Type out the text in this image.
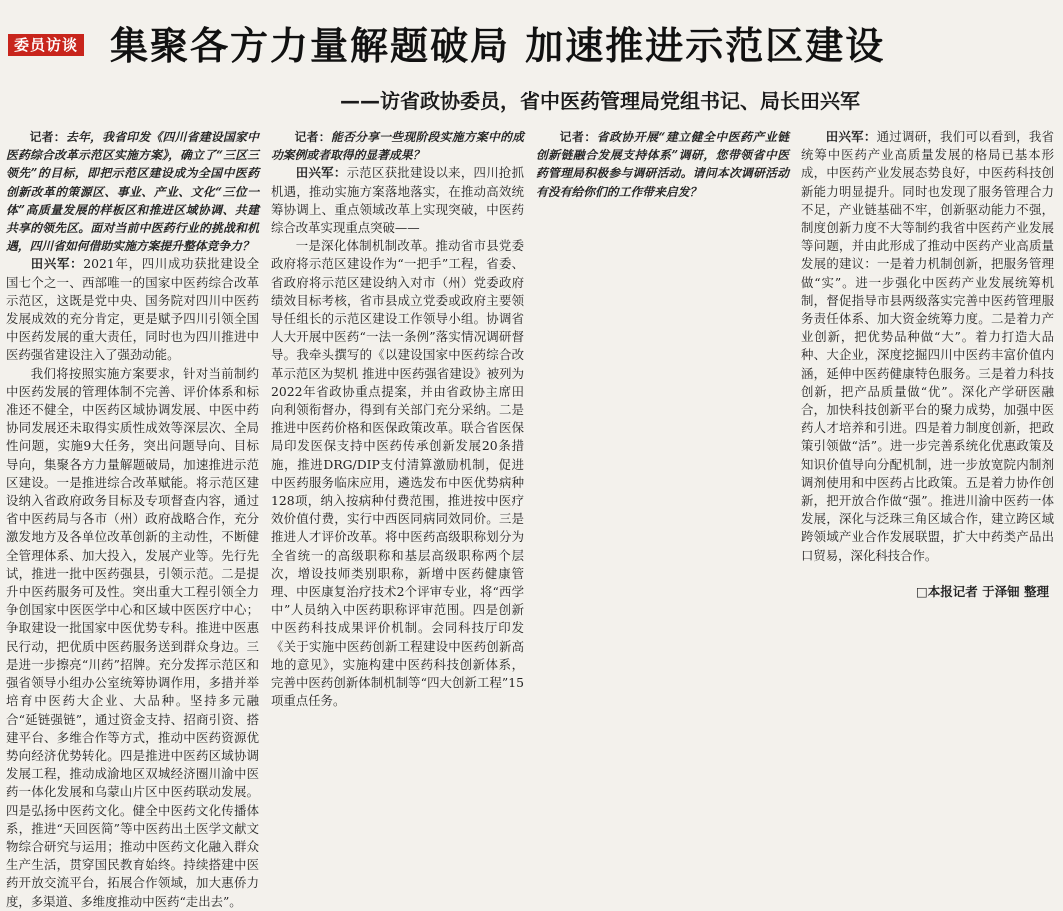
委员访谈 集聚各方力量解题破局 加速推进示范区建设
——访省政协委员，省中医药管理局党组书记、局长田兴军

记者：去年，我省印发《四川省建设国家中医药综合改革示范区实施方案》，确立了“三区三领先”的目标，即把示范区建设成为全国中医药创新改革的策源区、事业、产业、文化“三位一体”高质量发展的样板区和推进区域协调、共建共享的领先区。面对当前中医药行业的挑战和机遇，四川省如何借助实施方案提升整体竞争力？

田兴军：2021年，四川成功获批建设全国七个之一、西部唯一的国家中医药综合改革示范区，这既是党中央、国务院对四川中医药发展成效的充分肯定，更是赋予四川引领全国中医药发展的重大责任，同时也为四川推进中医药强省建设注入了强劲动能。

我们将按照实施方案要求，针对当前制约中医药发展的管理体制不完善、评价体系和标准还不健全，中医药区域协调发展、中医中药协同发展还未取得实质性成效等深层次、全局性问题，实施9大任务，突出问题导向、目标导向，集聚各方力量解题破局，加速推进示范区建设。一是推进综合改革赋能。将示范区建设纳入省政府政务目标及专项督查内容，通过省中医药局与各市（州）政府战略合作，充分激发地方及各单位改革创新的主动性，不断健全管理体系、加大投入，发展产业等。先行先试，推进一批中医药强县，引领示范。二是提升中医药服务可及性。突出重大工程引领全力争创国家中医医学中心和区域中医医疗中心；争取建设一批国家中医优势专科。推进中医惠民行动，把优质中医药服务送到群众身边。三是进一步擦亮“川药”招牌。充分发挥示范区和强省领导小组办公室统筹协调作用，多措并举培育中医药大企业、大品种。坚持多元融合“延链强链”，通过资金支持、招商引资、搭建平台、多维合作等方式，推动中医药资源优势向经济优势转化。四是推进中医药区域协调发展工程，推动成渝地区双城经济圈川渝中医药一体化发展和乌蒙山片区中医药联动发展。四是弘扬中医药文化。健全中医药文化传播体系，推进“天回医简”等中医药出土医学文献文物综合研究与运用；推动中医药文化融入群众生产生活，贯穿国民教育始终。持续搭建中医药开放交流平台，拓展合作领域，加大惠侨力度，多渠道、多维度推动中医药“走出去”。

记者：能否分享一些现阶段实施方案中的成功案例或者取得的显著成果？

田兴军：示范区获批建设以来，四川抢抓机遇，推动实施方案落地落实，在推动高效统筹协调上、重点领域改革上实现突破，中医药综合改革实现重点突破——

一是深化体制机制改革。推动省市县党委政府将示范区建设作为“一把手”工程，省委、省政府将示范区建设纳入对市（州）党委政府绩效目标考核，省市县成立党委或政府主要领导任组长的示范区建设工作领导小组。协调省人大开展中医药“一法一条例”落实情况调研督导。我牵头撰写的《以建设国家中医药综合改革示范区为契机 推进中医药强省建设》被列为2022年省政协重点提案，并由省政协主席田向利领衔督办，得到有关部门充分采纳。二是推进中医药价格和医保政策改革。联合省医保局印发医保支持中医药传承创新发展20条措施，推进DRG/DIP支付清算激励机制，促进中医药服务临床应用，遴选发布中医优势病种128项，纳入按病种付费范围，推进按中医疗效价值付费，实行中西医同病同效同价。三是推进人才评价改革。将中医药高级职称划分为全省统一的高级职称和基层高级职称两个层次，增设技师类别职称，新增中医药健康管理、中医康复治疗技术2个评审专业，将“西学中”人员纳入中医药职称评审范围。四是创新中医药科技成果评价机制。会同科技厅印发《关于实施中医药创新工程建设中医药创新高地的意见》，实施构建中医药科技创新体系，完善中医药创新体制机制等“四大创新工程”15项重点任务。

记者：省政协开展“建立健全中医药产业链创新链融合发展支持体系”调研，您带领省中医药管理局积极参与调研活动。请问本次调研活动有没有给你们的工作带来启发？

田兴军：通过调研，我们可以看到，我省统筹中医药产业高质量发展的格局已基本形成，中医药产业发展态势良好，中医药科技创新能力明显提升。同时也发现了服务管理合力不足，产业链基础不牢，创新驱动能力不强，制度创新力度不大等制约我省中医药产业发展等问题，并由此形成了推动中医药产业高质量发展的建议：一是着力机制创新，把服务管理做“实”。进一步强化中医药产业发展统筹机制，督促指导市县两级落实完善中医药管理服务责任体系、加大资金统筹力度。二是着力产业创新，把优势品种做“大”。着力打造大品种、大企业，深度挖掘四川中医药丰富价值内涵，延伸中医药健康特色服务。三是着力科技创新，把产品质量做“优”。深化产学研医融合，加快科技创新平台的聚力成势，加强中医药人才培养和引进。四是着力制度创新，把政策引领做“活”。进一步完善系统化优惠政策及知识价值导向分配机制，进一步放宽院内制剂调剂使用和中医药占比政策。五是着力协作创新，把开放合作做“强”。推进川渝中医药一体发展，深化与泛珠三角区域合作，建立跨区域跨领域产业合作发展联盟，扩大中药类产品出口贸易，深化科技合作。

□本报记者 于泽钿 整理
